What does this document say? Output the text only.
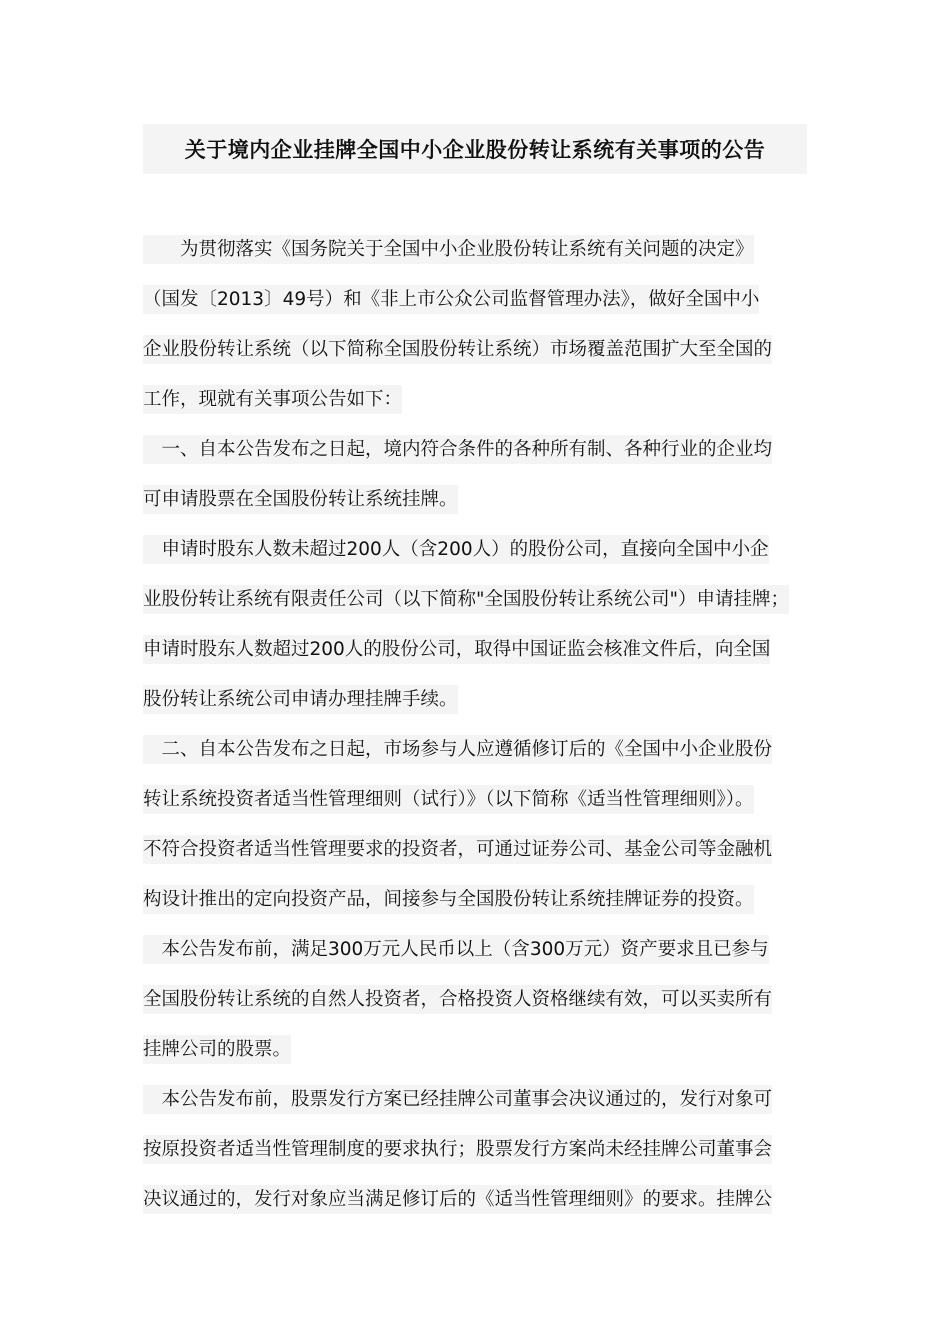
关于境内企业挂牌全国中小企业股份转让系统有关事项的公告
　　为贯彻落实《国务院关于全国中小企业股份转让系统有关问题的决定》
（国发〔2013〕49号）和《非上市公众公司监督管理办法》，做好全国中小
企业股份转让系统（以下简称全国股份转让系统）市场覆盖范围扩大至全国的
工作，现就有关事项公告如下：
　一、自本公告发布之日起，境内符合条件的各种所有制、各种行业的企业均
可申请股票在全国股份转让系统挂牌。
　申请时股东人数未超过200人（含200人）的股份公司，直接向全国中小企
业股份转让系统有限责任公司（以下简称"全国股份转让系统公司"）申请挂牌；
申请时股东人数超过200人的股份公司，取得中国证监会核准文件后，向全国
股份转让系统公司申请办理挂牌手续。
　二、自本公告发布之日起，市场参与人应遵循修订后的《全国中小企业股份
转让系统投资者适当性管理细则（试行）》（以下简称《适当性管理细则》）。
不符合投资者适当性管理要求的投资者，可通过证券公司、基金公司等金融机
构设计推出的定向投资产品，间接参与全国股份转让系统挂牌证券的投资。
　本公告发布前，满足300万元人民币以上（含300万元）资产要求且已参与
全国股份转让系统的自然人投资者，合格投资人资格继续有效，可以买卖所有
挂牌公司的股票。
　本公告发布前，股票发行方案已经挂牌公司董事会决议通过的，发行对象可
按原投资者适当性管理制度的要求执行；股票发行方案尚未经挂牌公司董事会
决议通过的，发行对象应当满足修订后的《适当性管理细则》的要求。挂牌公
